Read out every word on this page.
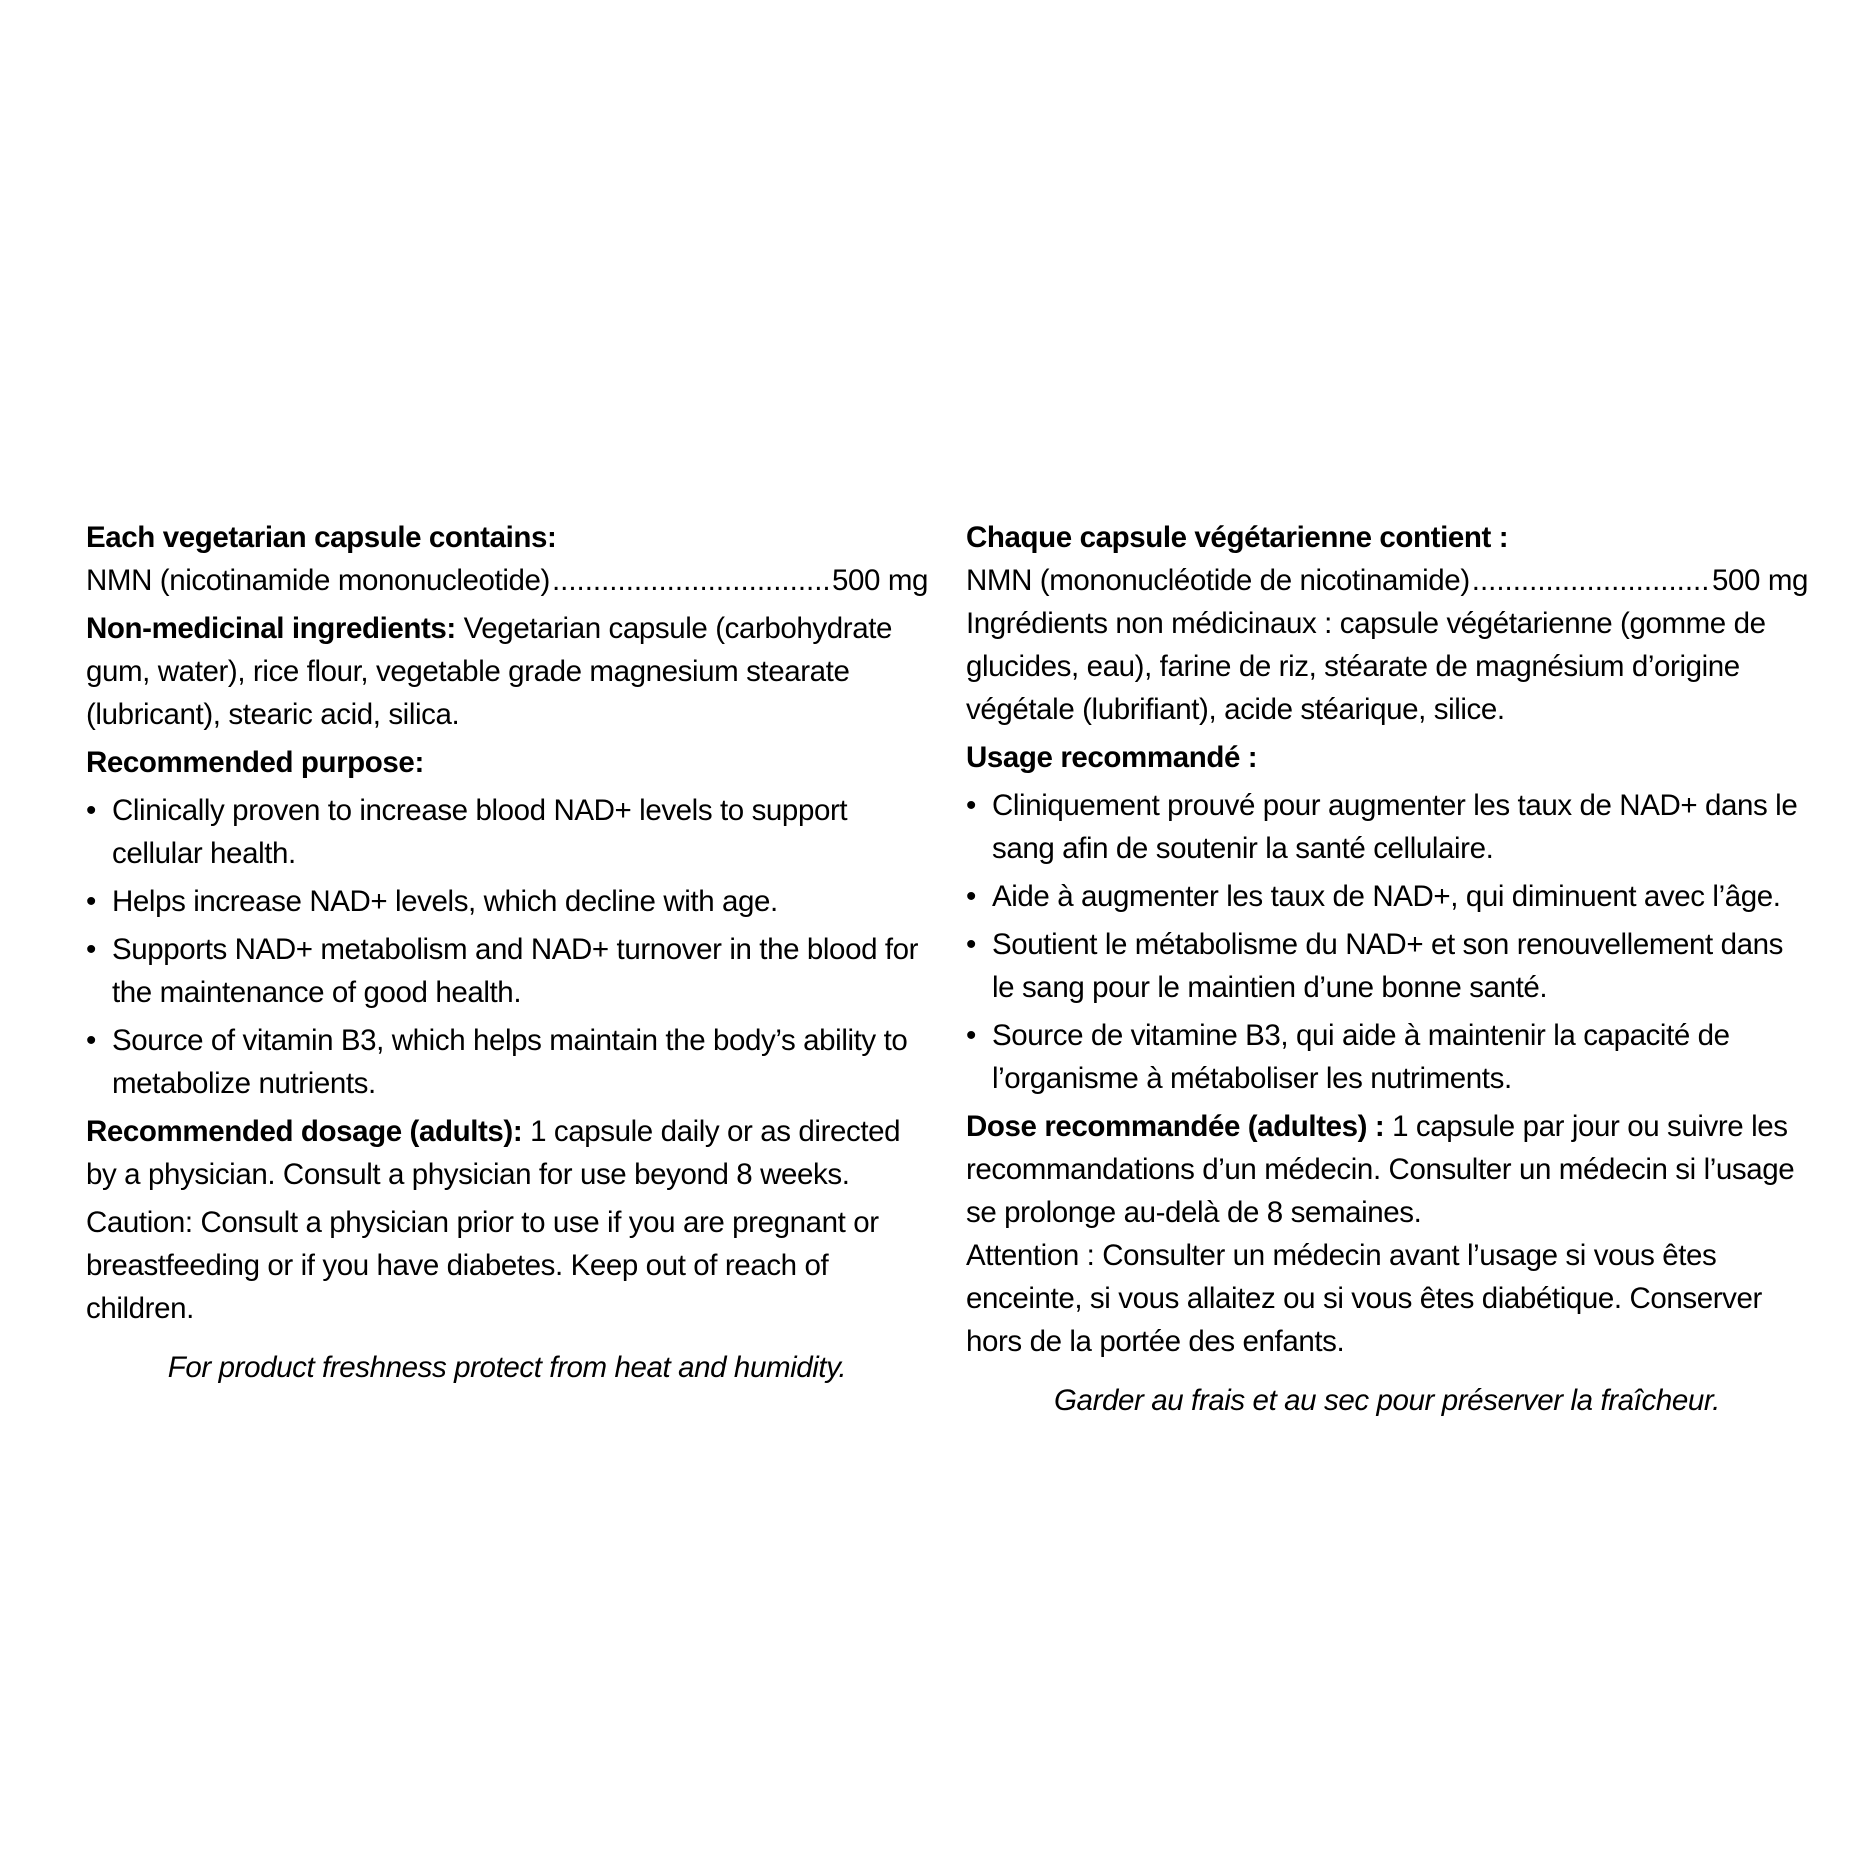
Each vegetarian capsule contains:

NMN (nicotinamide mononucleotide) .....	500 mg

Non-medicinal ingredients: Vegetarian capsule (carbohydrate gum, water), rice flour, vegetable grade magnesium stearate (lubricant), stearic acid, silica.

Recommended purpose:

• Clinically proven to increase blood NAD+ levels to support cellular health.
• Helps increase NAD+ levels, which decline with age.
• Supports NAD+ metabolism and NAD+ turnover in the blood for the maintenance of good health.
• Source of vitamin B3, which helps maintain the body’s ability to metabolize nutrients.

Recommended dosage (adults): 1 capsule daily or as directed by a physician. Consult a physician for use beyond 8 weeks.

Caution: Consult a physician prior to use if you are pregnant or breastfeeding or if you have diabetes. Keep out of reach of children.

For product freshness protect from heat and humidity.

Chaque capsule végétarienne contient :

NMN (mononucléotide de nicotinamide) .....	500 mg

Ingrédients non médicinaux : capsule végétarienne (gomme de glucides, eau), farine de riz, stéarate de magnésium d’origine végétale (lubrifiant), acide stéarique, silice.

Usage recommandé :

• Cliniquement prouvé pour augmenter les taux de NAD+ dans le sang afin de soutenir la santé cellulaire.
• Aide à augmenter les taux de NAD+, qui diminuent avec l’âge.
• Soutient le métabolisme du NAD+ et son renouvellement dans le sang pour le maintien d’une bonne santé.
• Source de vitamine B3, qui aide à maintenir la capacité de l’organisme à métaboliser les nutriments.

Dose recommandée (adultes) : 1 capsule par jour ou suivre les recommandations d’un médecin. Consulter un médecin si l’usage se prolonge au-delà de 8 semaines.

Attention : Consulter un médecin avant l’usage si vous êtes enceinte, si vous allaitez ou si vous êtes diabétique. Conserver hors de la portée des enfants.

Garder au frais et au sec pour préserver la fraîcheur.
